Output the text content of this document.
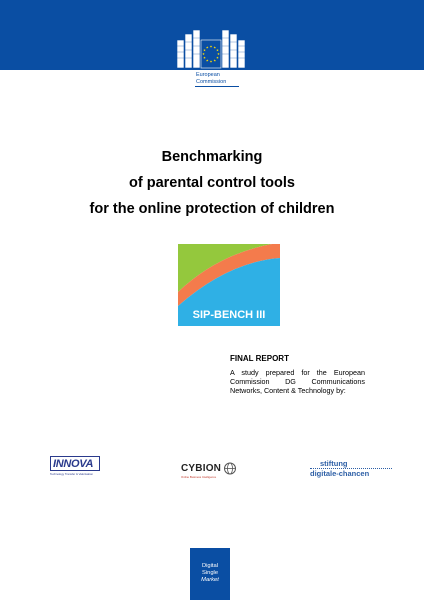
European
Commission
Benchmarking
of parental control tools
for the online protection of children
SIP-BENCH III
FINAL REPORT
A study prepared for the European Commission DG Communications Networks, Content & Technology by:
INNOVA
Technology Transfer & Valorisation	CYBION
Online Business Intelligence
stiftung
digitale-chancen
Digital
Single
Market
